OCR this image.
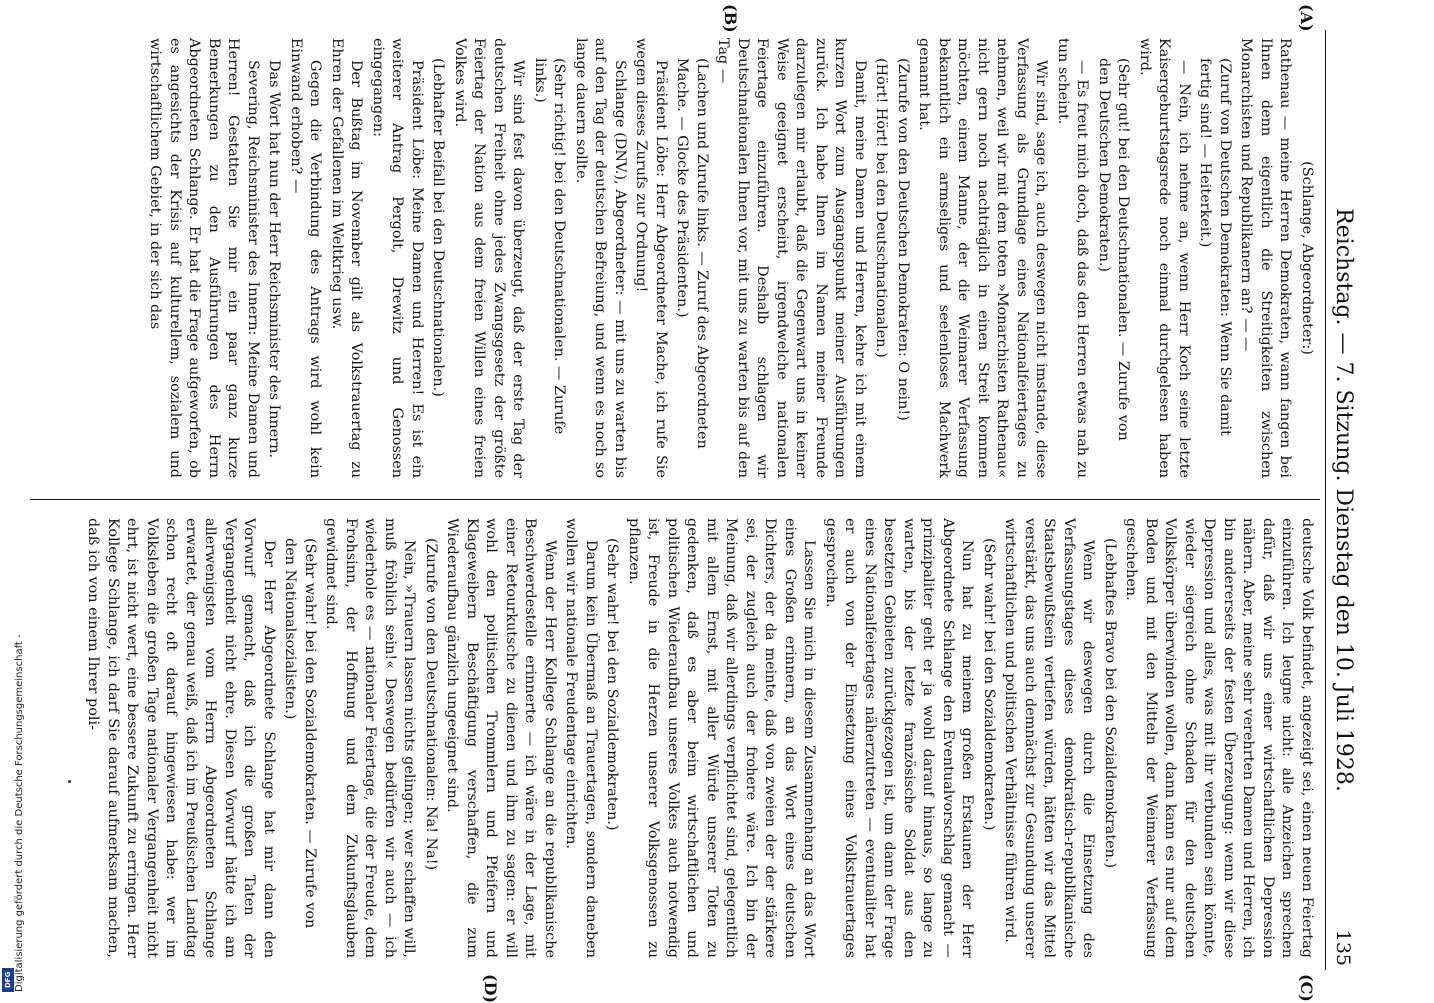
Reichstag. — 7. Sitzung. Dienstag den 10. Juli 1928.
135
(A)
(B)
(C)
(D)

(Schlange, Abgeordneter:)

Rathenau — meine Herren Demokraten, wann fangen bei Ihnen denn eigentlich die Streitigkeiten zwischen Monarchisten und Republikanern an? — —

(Zuruf von Deutschen Demokraten: Wenn Sie damit fertig sind! — Heiterkeit.)

— Nein, ich nehme an, wenn Herr Koch seine letzte Kaisergeburtstagsrede noch einmal durchgelesen haben wird.

(Sehr gut! bei den Deutschnationalen. — Zurufe von den Deutschen Demokraten.)

— Es freut mich doch, daß das den Herren etwas nah zu tun scheint.

Wir sind, sage ich, auch deswegen nicht imstande, diese Verfassung als Grundlage eines Nationalfeiertages zu nehmen, weil wir mit dem toten »Monarchisten Rathenau« nicht gern noch nachträglich in einen Streit kommen möchten, einem Manne, der die Weimarer Verfassung bekanntlich ein armseliges und seelenloses Machwerk genannt hat.

(Zurufe von den Deutschen Demokraten: O nein!)

(Hört! Hört! bei den Deutschnationalen.)

Damit, meine Damen und Herren, kehre ich mit einem kurzen Wort zum Ausgangspunkt meiner Ausführungen zurück. Ich habe Ihnen im Namen meiner Freunde darzulegen mir erlaubt, daß die Gegenwart uns in keiner Weise geeignet erscheint, irgendwelche nationalen Feiertage einzuführen. Deshalb schlagen wir Deutschnationalen Ihnen vor, mit uns zu warten bis auf den Tag —

(Lachen und Zurufe links. — Zuruf des Abgeordneten Mache. — Glocke des Präsidenten.)

Präsident Löbe: Herr Abgeordneter Mache, ich rufe Sie wegen dieses Zurufs zur Ordnung!

Schlange (DNV.), Abgeordneter: — mit uns zu warten bis auf den Tag der deutschen Befreiung, und wenn es noch so lange dauern sollte.

(Sehr richtig! bei den Deutschnationalen. — Zurufe links.)

Wir sind fest davon überzeugt, daß der erste Tag der deutschen Freiheit ohne jedes Zwangsgesetz der größte Feiertag der Nation aus dem freien Willen eines freien Volkes wird.

(Lebhafter Beifall bei den Deutschnationalen.)

Präsident Löbe: Meine Damen und Herren! Es ist ein weiterer Antrag Pergolt, Drewitz und Genossen eingegangen:

Der Bußtag im November gilt als Volkstrauertag zu Ehren der Gefallenen im Weltkrieg usw.

Gegen die Verbindung des Antrags wird wohl kein Einwand erhoben? —

Das Wort hat nun der Herr Reichsminister des Innern.

Severing, Reichsminister des Innern: Meine Damen und Herren! Gestatten Sie mir ein paar ganz kurze Bemerkungen zu den Ausführungen des Herrn Abgeordneten Schlange. Er hat die Frage aufgeworfen, ob es angesichts der Krisis auf kulturellem, sozialem und wirtschaftlichem Gebiet, in der sich das

deutsche Volk befindet, angezeigt sei, einen neuen Feiertag einzuführen. Ich leugne nicht: alle Anzeichen sprechen dafür, daß wir uns einer wirtschaftlichen Depression nähern. Aber, meine sehr verehrten Damen und Herren, ich bin andererseits der festen Überzeugung: wenn wir diese Depression und alles, was mit ihr verbunden sein könnte, wieder siegreich ohne Schaden für den deutschen Volkskörper überwinden wollen, dann kann es nur auf dem Boden und mit den Mitteln der Weimarer Verfassung geschehen.

(Lebhaftes Bravo bei den Sozialdemokraten.)

Wenn wir deswegen durch die Einsetzung des Verfassungstages dieses demokratisch-republikanische Staatsbewußtsein vertiefen würden, hätten wir das Mittel verstärkt, das uns auch demnächst zur Gesundung unserer wirtschaftlichen und politischen Verhältnisse führen wird.

(Sehr wahr! bei den Sozialdemokraten.)

Nun hat zu meinem großen Erstaunen der Herr Abgeordnete Schlange den Eventualvorschlag gemacht — prinzipaliter geht er ja wohl darauf hinaus, so lange zu warten, bis der letzte französische Soldat aus den besetzten Gebieten zurückgezogen ist, um dann der Frage eines Nationalfeiertages näherzutreten — eventualiter hat er auch von der Einsetzung eines Volkstrauertages gesprochen.

Lassen Sie mich in diesem Zusammenhang an das Wort eines Großen erinnern, an das Wort eines deutschen Dichters, der da meinte, daß von zweien der der stärkere sei, der zugleich auch der frohere wäre. Ich bin der Meinung, daß wir allerdings verpflichtet sind, gelegentlich mit allem Ernst, mit aller Würde unserer Toten zu gedenken, daß es aber beim wirtschaftlichen und politischen Wiederaufbau unseres Volkes auch notwendig ist, Freude in die Herzen unserer Volksgenossen zu pflanzen.

(Sehr wahr! bei den Sozialdemokraten.)

Darum kein Übermaß an Trauertagen, sondern daneben wollen wir nationale Freudentage einrichten.

Wenn der Herr Kollege Schlange an die republikanische Beschwerdestelle erinnerte — ich wäre in der Lage, mit einer Retourkutsche zu dienen und ihm zu sagen: er will wohl den politischen Trommlern und Pfeifern und Klageweibern Beschäftigung verschaffen, die zum Wiederaufbau gänzlich ungeeignet sind.

(Zurufe von den Deutschnationalen: Na! Na!)

Nein, »Trauern lassen nichts gelingen; wer schaffen will, muß fröhlich sein!« Deswegen bedürfen wir auch — ich wiederhole es — nationaler Feiertage, die der Freude, dem Frohsinn, der Hoffnung und dem Zukunftsglauben gewidmet sind.

(Sehr wahr! bei den Sozialdemokraten. — Zurufe von den Nationalsozialisten.)

Der Herr Abgeordnete Schlange hat mir dann den Vorwurf gemacht, daß ich die großen Taten der Vergangenheit nicht ehre. Diesen Vorwurf hätte ich am allerwenigsten vom Herrn Abgeordneten Schlange erwartet, der genau weiß, daß ich im Preußischen Landtag schon recht oft darauf hingewiesen habe: wer im Volksleben die großen Tage nationaler Vergangenheit nicht ehrt, ist nicht wert, eine bessere Zukunft zu erringen. Herr Kollege Schlange, ich darf Sie darauf aufmerksam machen, daß ich von einem Ihrer poli-

Digitalisierung gefördert durch die Deutsche Forschungsgemeinschaft -
DFG
